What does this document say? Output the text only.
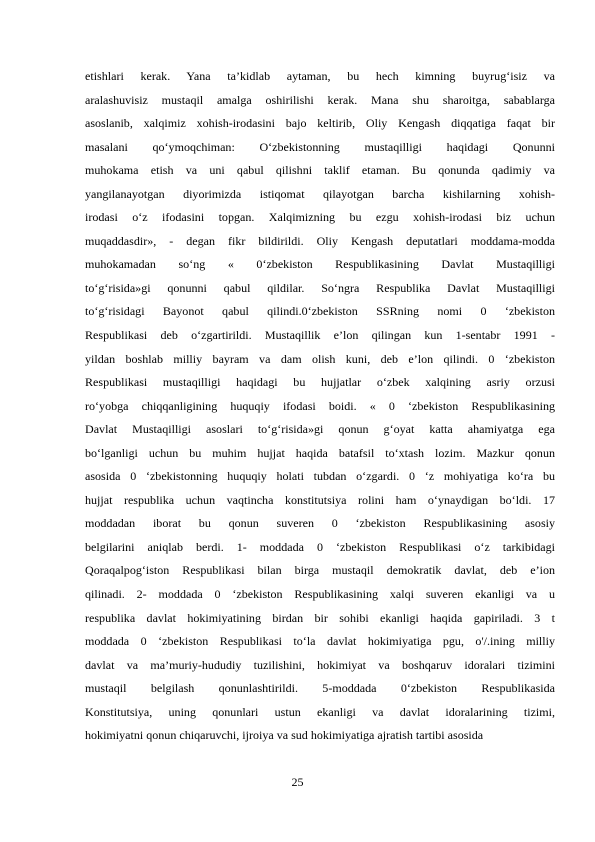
etishlari kerak. Yana ta’kidlab aytaman, bu hech kimning buyrug‘isiz va
aralashuvisiz mustaqil amalga oshirilishi kerak. Mana shu sharoitga, sabablarga
asoslanib, xalqimiz xohish-irodasini bajo keltirib, Oliy Kengash diqqatiga faqat bir
masalani qo‘ymoqchiman: O‘zbekistonning mustaqilligi haqidagi Qonunni
muhokama etish va uni qabul qilishni taklif etaman. Bu qonunda qadimiy va
yangilanayotgan diyorimizda istiqomat qilayotgan barcha kishilarning xohish-
irodasi o‘z ifodasini topgan. Xalqimizning bu ezgu xohish-irodasi biz uchun
muqaddasdir», - degan fikr bildirildi. Oliy Kengash deputatlari moddama-modda
muhokamadan so‘ng « 0‘zbekiston Respublikasining Davlat Mustaqilligi
to‘g‘risida»gi qonunni qabul qildilar. So‘ngra Respublika Davlat Mustaqilligi
to‘g‘risidagi Bayonot qabul qilindi.0‘zbekiston SSRning nomi 0 ‘zbekiston
Respublikasi deb o‘zgartirildi. Mustaqillik e’lon qilingan kun 1-sentabr 1991 -
yildan boshlab milliy bayram va dam olish kuni, deb e’lon qilindi. 0 ‘zbekiston
Respublikasi mustaqilligi haqidagi bu hujjatlar o‘zbek xalqining asriy orzusi
ro‘yobga chiqqanligining huquqiy ifodasi boidi. « 0 ‘zbekiston Respublikasining
Davlat Mustaqilligi asoslari to‘g‘risida»gi qonun g‘oyat katta ahamiyatga ega
bo‘lganligi uchun bu muhim hujjat haqida batafsil to‘xtash lozim. Mazkur qonun
asosida 0 ‘zbekistonning huquqiy holati tubdan o‘zgardi. 0 ‘z mohiyatiga ko‘ra bu
hujjat respublika uchun vaqtincha konstitutsiya rolini ham o‘ynaydigan bo‘ldi. 17
moddadan iborat bu qonun suveren 0 ‘zbekiston Respublikasining asosiy
belgilarini aniqlab berdi. 1- moddada 0 ‘zbekiston Respublikasi o‘z tarkibidagi
Qoraqalpog‘iston Respublikasi bilan birga mustaqil demokratik davlat, deb e’ion
qilinadi. 2- moddada 0 ‘zbekiston Respublikasining xalqi suveren ekanligi va u
respublika davlat hokimiyatining birdan bir sohibi ekanligi haqida gapiriladi. 3 t
moddada 0 ‘zbekiston Respublikasi to‘la davlat hokimiyatiga pgu, o'/.ining milliy
davlat va ma’muriy-hududiy tuzilishini, hokimiyat va boshqaruv idoralari tizimini
mustaqil belgilash qonunlashtirildi. 5-moddada 0‘zbekiston Respublikasida
Konstitutsiya, uning qonunlari ustun ekanligi va davlat idoralarining tizimi,
hokimiyatni qonun chiqaruvchi, ijroiya va sud hokimiyatiga ajratish tartibi asosida
25
